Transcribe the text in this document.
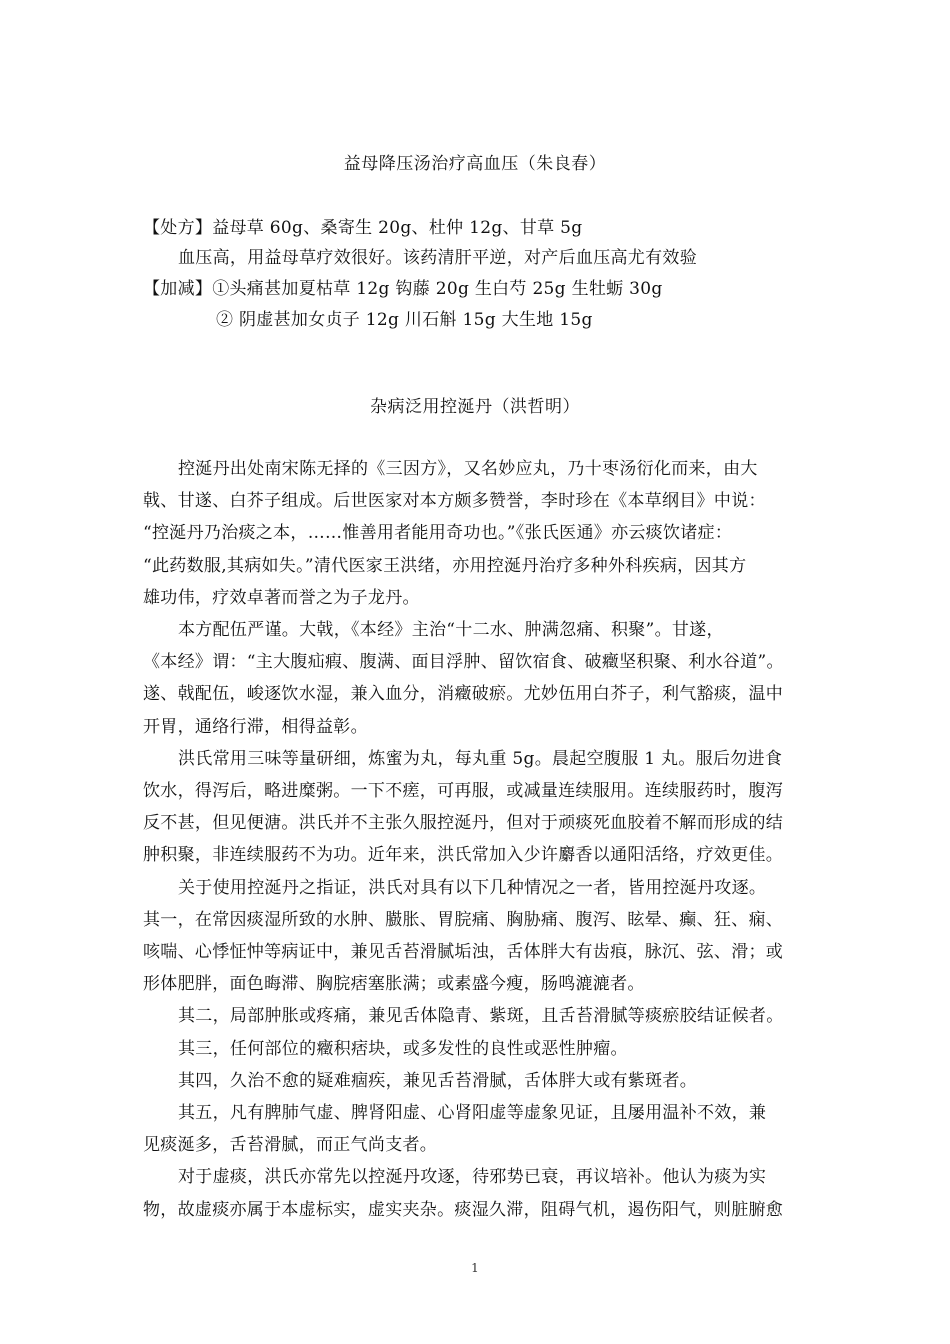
益母降压汤治疗高血压（朱良春）
【处方】益母草 60g、桑寄生 20g、杜仲 12g、甘草 5g
血压高，用益母草疗效很好。该药清肝平逆，对产后血压高尤有效验
【加减】①头痛甚加夏枯草 12g 钩藤 20g 生白芍 25g 生牡蛎 30g
② 阴虚甚加女贞子 12g 川石斛 15g 大生地 15g
杂病泛用控涎丹（洪哲明）
控涎丹出处南宋陈无择的《三因方》，又名妙应丸，乃十枣汤衍化而来，由大
戟、甘遂、白芥子组成。后世医家对本方颇多赞誉，李时珍在《本草纲目》中说：
“控涎丹乃治痰之本，……惟善用者能用奇功也。”《张氏医通》亦云痰饮诸症：
“此药数服,其病如失。”清代医家王洪绪，亦用控涎丹治疗多种外科疾病，因其方
雄功伟，疗效卓著而誉之为子龙丹。
本方配伍严谨。大戟，《本经》主治“十二水、肿满忽痛、积聚”。甘遂，
《本经》谓：“主大腹疝瘕、腹满、面目浮肿、留饮宿食、破癥坚积聚、利水谷道”。
遂、戟配伍，峻逐饮水湿，兼入血分，消癥破瘀。尤妙伍用白芥子，利气豁痰，温中
开胃，通络行滞，相得益彰。
洪氏常用三味等量研细，炼蜜为丸，每丸重 5g。晨起空腹服 1 丸。服后勿进食
饮水，得泻后，略进糜粥。一下不瘥，可再服，或减量连续服用。连续服药时，腹泻
反不甚，但见便溏。洪氏并不主张久服控涎丹，但对于顽痰死血胶着不解而形成的结
肿积聚，非连续服药不为功。近年来，洪氏常加入少许麝香以通阳活络，疗效更佳。
关于使用控涎丹之指证，洪氏对具有以下几种情况之一者，皆用控涎丹攻逐。
其一，在常因痰湿所致的水肿、臌胀、胃脘痛、胸胁痛、腹泻、眩晕、癫、狂、痫、
咳喘、心悸怔忡等病证中，兼见舌苔滑腻垢浊，舌体胖大有齿痕，脉沉、弦、滑；或
形体肥胖，面色晦滞、胸脘痞塞胀满；或素盛今瘦，肠鸣漉漉者。
其二，局部肿胀或疼痛，兼见舌体隐青、紫斑，且舌苔滑腻等痰瘀胶结证候者。
其三，任何部位的癥积痞块，或多发性的良性或恶性肿瘤。
其四，久治不愈的疑难痼疾，兼见舌苔滑腻，舌体胖大或有紫斑者。
其五，凡有脾肺气虚、脾肾阳虚、心肾阳虚等虚象见证，且屡用温补不效，兼
见痰涎多，舌苔滑腻，而正气尚支者。
对于虚痰，洪氏亦常先以控涎丹攻逐，待邪势已衰，再议培补。他认为痰为实
物，故虚痰亦属于本虚标实，虚实夹杂。痰湿久滞，阻碍气机，遏伤阳气，则脏腑愈
1
